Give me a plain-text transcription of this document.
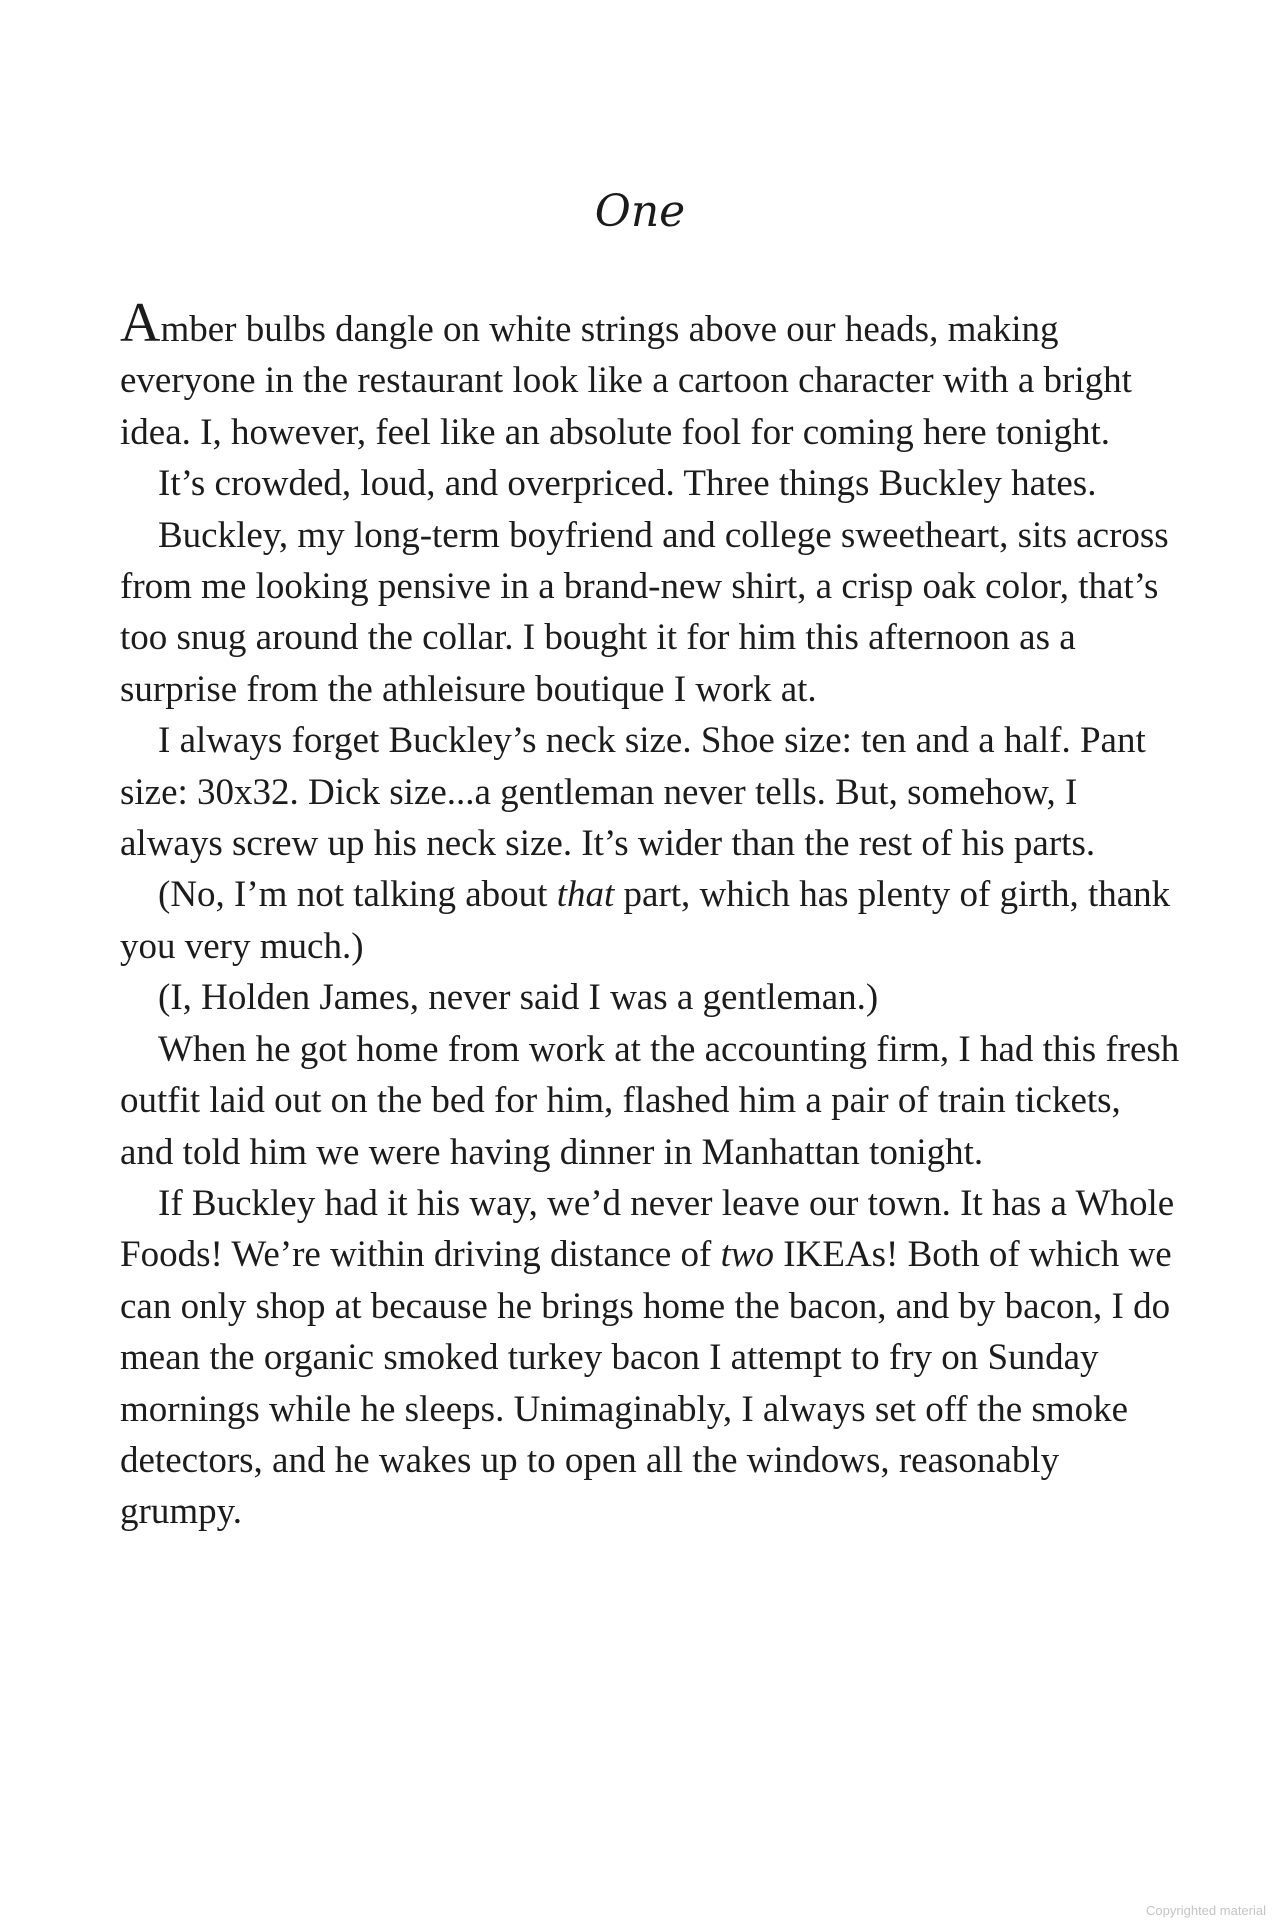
One

Amber bulbs dangle on white strings above our heads, making everyone in the restaurant look like a cartoon character with a bright idea. I, however, feel like an absolute fool for coming here tonight.

It’s crowded, loud, and overpriced. Three things Buckley hates.

Buckley, my long-term boyfriend and college sweetheart, sits across from me looking pensive in a brand-new shirt, a crisp oak color, that’s too snug around the collar. I bought it for him this afternoon as a surprise from the athleisure boutique I work at.

I always forget Buckley’s neck size. Shoe size: ten and a half. Pant size: 30x32. Dick size...a gentleman never tells. But, somehow, I always screw up his neck size. It’s wider than the rest of his parts.

(No, I’m not talking about that part, which has plenty of girth, thank you very much.)

(I, Holden James, never said I was a gentleman.)

When he got home from work at the accounting firm, I had this fresh outfit laid out on the bed for him, flashed him a pair of train tickets, and told him we were having dinner in Manhattan tonight.

If Buckley had it his way, we’d never leave our town. It has a Whole Foods! We’re within driving distance of two IKEAs! Both of which we can only shop at because he brings home the bacon, and by bacon, I do mean the organic smoked turkey bacon I attempt to fry on Sunday mornings while he sleeps. Unimaginably, I always set off the smoke detectors, and he wakes up to open all the windows, reasonably grumpy.

Copyrighted material
